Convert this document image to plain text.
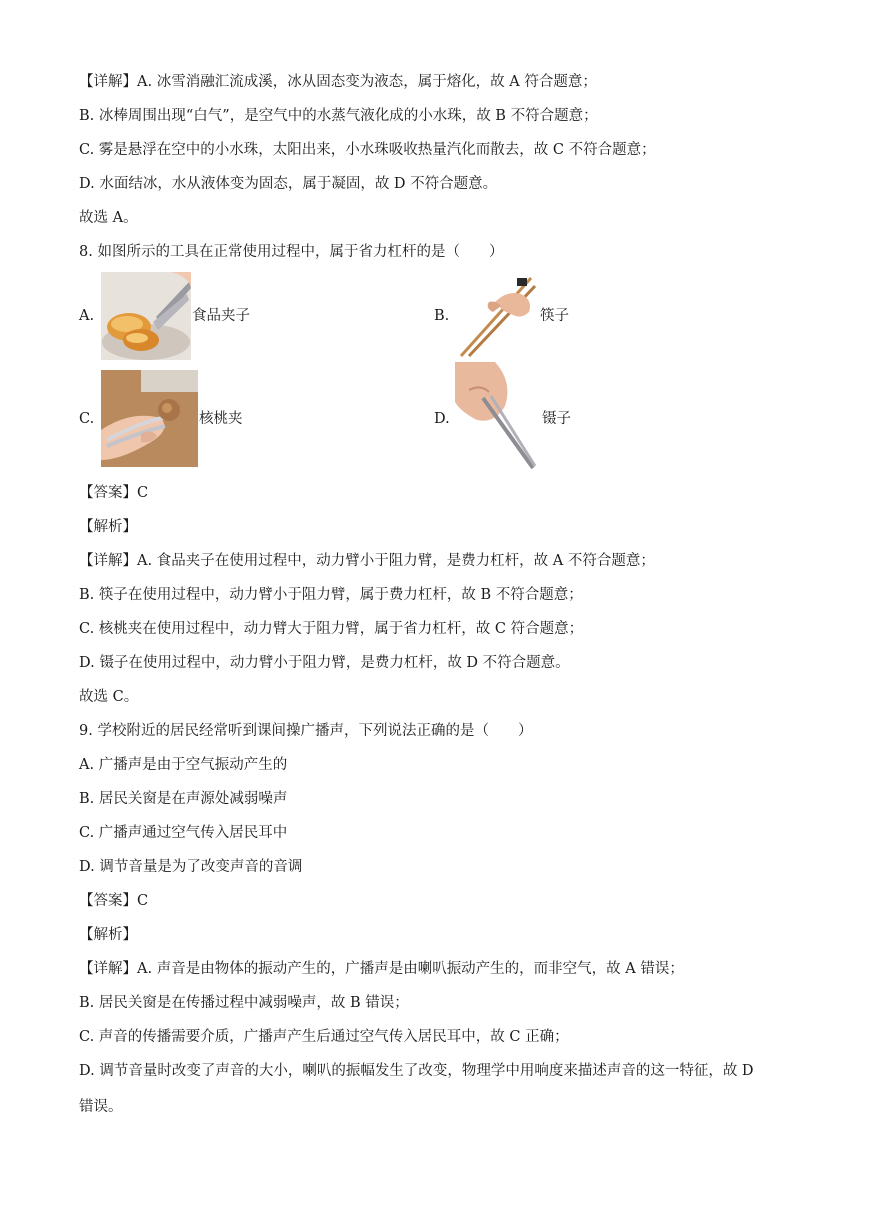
【详解】A. 冰雪消融汇流成溪，冰从固态变为液态，属于熔化，故 A 符合题意；
B. 冰棒周围出现“白气”，是空气中的水蒸气液化成的小水珠，故 B 不符合题意；
C. 雾是悬浮在空中的小水珠，太阳出来，小水珠吸收热量汽化而散去，故 C 不符合题意；
D. 水面结冰，水从液体变为固态，属于凝固，故 D 不符合题意。
故选 A。
8. 如图所示的工具在正常使用过程中，属于省力杠杆的是（　　）
A.	食品夹子	B.	筷子
C.	核桃夹	D.	镊子
【答案】C
【解析】
【详解】A. 食品夹子在使用过程中，动力臂小于阻力臂，是费力杠杆，故 A 不符合题意；
B. 筷子在使用过程中，动力臂小于阻力臂，属于费力杠杆，故 B 不符合题意；
C. 核桃夹在使用过程中，动力臂大于阻力臂，属于省力杠杆，故 C 符合题意；
D. 镊子在使用过程中，动力臂小于阻力臂，是费力杠杆，故 D 不符合题意。
故选 C。
9. 学校附近的居民经常听到课间操广播声，下列说法正确的是（　　）
A. 广播声是由于空气振动产生的
B. 居民关窗是在声源处减弱噪声
C. 广播声通过空气传入居民耳中
D. 调节音量是为了改变声音的音调
【答案】C
【解析】
【详解】A. 声音是由物体的振动产生的，广播声是由喇叭振动产生的，而非空气，故 A 错误；
B. 居民关窗是在传播过程中减弱噪声，故 B 错误；
C. 声音的传播需要介质，广播声产生后通过空气传入居民耳中，故 C 正确；
D. 调节音量时改变了声音的大小，喇叭的振幅发生了改变，物理学中用响度来描述声音的这一特征，故 D
错误。
